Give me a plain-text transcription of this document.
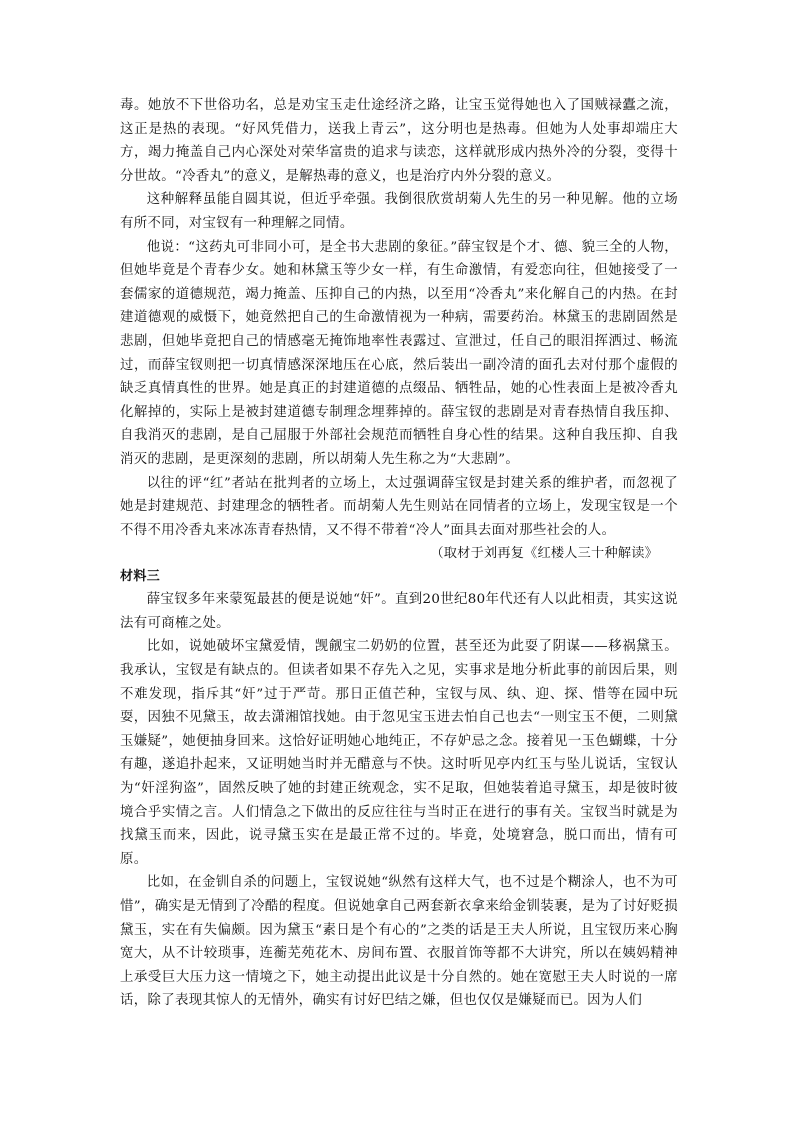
毒。她放不下世俗功名，总是劝宝玉走仕途经济之路，让宝玉觉得她也入了国贼禄蠹之流，这正是热的表现。“好风凭借力，送我上青云”，这分明也是热毒。但她为人处事却端庄大方，竭力掩盖自己内心深处对荣华富贵的追求与读恋，这样就形成内热外冷的分裂，变得十分世故。“冷香丸”的意义，是解热毒的意义，也是治疗内外分裂的意义。

这种解释虽能自圆其说，但近乎牵强。我倒很欣赏胡菊人先生的另一种见解。他的立场有所不同，对宝钗有一种理解之同情。

他说：“这药丸可非同小可，是全书大悲剧的象征。”薛宝钗是个才、德、貌三全的人物，但她毕竟是个青春少女。她和林黛玉等少女一样，有生命激情，有爱恋向往，但她接受了一套儒家的道德规范，竭力掩盖、压抑自己的内热，以至用“冷香丸”来化解自己的内热。在封建道德观的威慑下，她竟然把自己的生命激情视为一种病，需要药治。林黛玉的悲剧固然是悲剧，但她毕竟把自己的情感毫无掩饰地率性表露过、宣泄过，任自己的眼泪挥洒过、畅流过，而薛宝钗则把一切真情感深深地压在心底，然后装出一副冷清的面孔去对付那个虚假的缺乏真情真性的世界。她是真正的封建道德的点缀品、牺牲品，她的心性表面上是被冷香丸化解掉的，实际上是被封建道德专制理念埋葬掉的。薛宝钗的悲剧是对青春热情自我压抑、自我消灭的悲剧，是自己屈服于外部社会规范而牺牲自身心性的结果。这种自我压抑、自我消灭的悲剧，是更深刻的悲剧，所以胡菊人先生称之为“大悲剧”。

以往的评“红”者站在批判者的立场上，太过强调薛宝钗是封建关系的维护者，而忽视了她是封建规范、封建理念的牺牲者。而胡菊人先生则站在同情者的立场上，发现宝钗是一个不得不用冷香丸来冰冻青春热情，又不得不带着“冷人”面具去面对那些社会的人。

（取材于刘再复《红楼人三十种解读》

材料三

薛宝钗多年来蒙冤最甚的便是说她“奸”。直到20世纪80年代还有人以此相责，其实这说法有可商榷之处。

比如，说她破坏宝黛爱情，觊觎宝二奶奶的位置，甚至还为此耍了阴谋——移祸黛玉。我承认，宝钗是有缺点的。但读者如果不存先入之见，实事求是地分析此事的前因后果，则不难发现，指斥其“奸”过于严苛。那日正值芒种，宝钗与凤、纨、迎、探、惜等在园中玩耍，因独不见黛玉，故去潇湘馆找她。由于忽见宝玉进去怕自己也去“一则宝玉不便，二则黛玉嫌疑”，她便抽身回来。这恰好证明她心地纯正，不存妒忌之念。接着见一玉色蝴蝶，十分有趣，遂追扑起来，又证明她当时并无醋意与不快。这时听见亭内红玉与坠儿说话，宝钗认为“奸淫狗盗”，固然反映了她的封建正统观念，实不足取，但她装着追寻黛玉，却是彼时彼境合乎实情之言。人们情急之下做出的反应往往与当时正在进行的事有关。宝钗当时就是为找黛玉而来，因此，说寻黛玉实在是最正常不过的。毕竟，处境窘急，脱口而出，情有可原。

比如，在金钏自杀的问题上，宝钗说她“纵然有这样大气，也不过是个糊涂人，也不为可惜”，确实是无情到了冷酷的程度。但说她拿自己两套新衣拿来给金钏装裹，是为了讨好贬损黛玉，实在有失偏颇。因为黛玉“素日是个有心的”之类的话是王夫人所说，且宝钗历来心胸宽大，从不计较琐事，连蘅芜苑花木、房间布置、衣服首饰等都不大讲究，所以在姨妈精神上承受巨大压力这一情境之下，她主动提出此议是十分自然的。她在宽慰王夫人时说的一席话，除了表现其惊人的无情外，确实有讨好巴结之嫌，但也仅仅是嫌疑而已。因为人们
